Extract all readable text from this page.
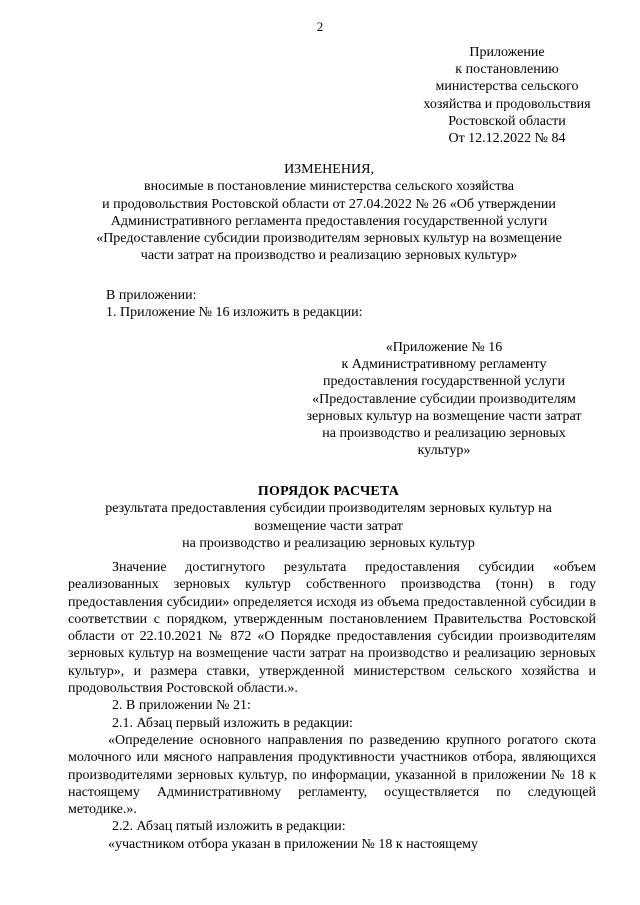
2
Приложение
к постановлению
министерства сельского
хозяйства и продовольствия
Ростовской области
От 12.12.2022 № 84
ИЗМЕНЕНИЯ,
вносимые в постановление министерства сельского хозяйства
и продовольствия Ростовской области от 27.04.2022 № 26 «Об утверждении
Административного регламента предоставления государственной услуги
«Предоставление субсидии производителям зерновых культур на возмещение
части затрат на производство и реализацию зерновых культур»
В приложении:
1. Приложение № 16 изложить в редакции:
«Приложение № 16
к Административному регламенту
предоставления государственной услуги
«Предоставление субсидии производителям
зерновых культур на возмещение части затрат
на производство и реализацию зерновых
культур»
ПОРЯДОК РАСЧЕТА
результата предоставления субсидии производителям зерновых культур на
возмещение части затрат
на производство и реализацию зерновых культур

Значение достигнутого результата предоставления субсидии «объем реализованных зерновых культур собственного производства (тонн) в году предоставления субсидии» определяется исходя из объема предоставленной субсидии в соответствии с порядком, утвержденным постановлением Правительства Ростовской области от 22.10.2021 № 872 «О Порядке предоставления субсидии производителям зерновых культур на возмещение части затрат на производство и реализацию зерновых культур», и размера ставки, утвержденной министерством сельского хозяйства и продовольствия Ростовской области.».

2. В приложении № 21:

2.1. Абзац первый изложить в редакции:

«Определение основного направления по разведению крупного рогатого скота молочного или мясного направления продуктивности участников отбора, являющихся производителями зерновых культур, по информации, указанной в приложении № 18 к настоящему Административному регламенту, осуществляется по следующей методике.».

2.2. Абзац пятый изложить в редакции:

«участником отбора указан в приложении № 18 к настоящему
